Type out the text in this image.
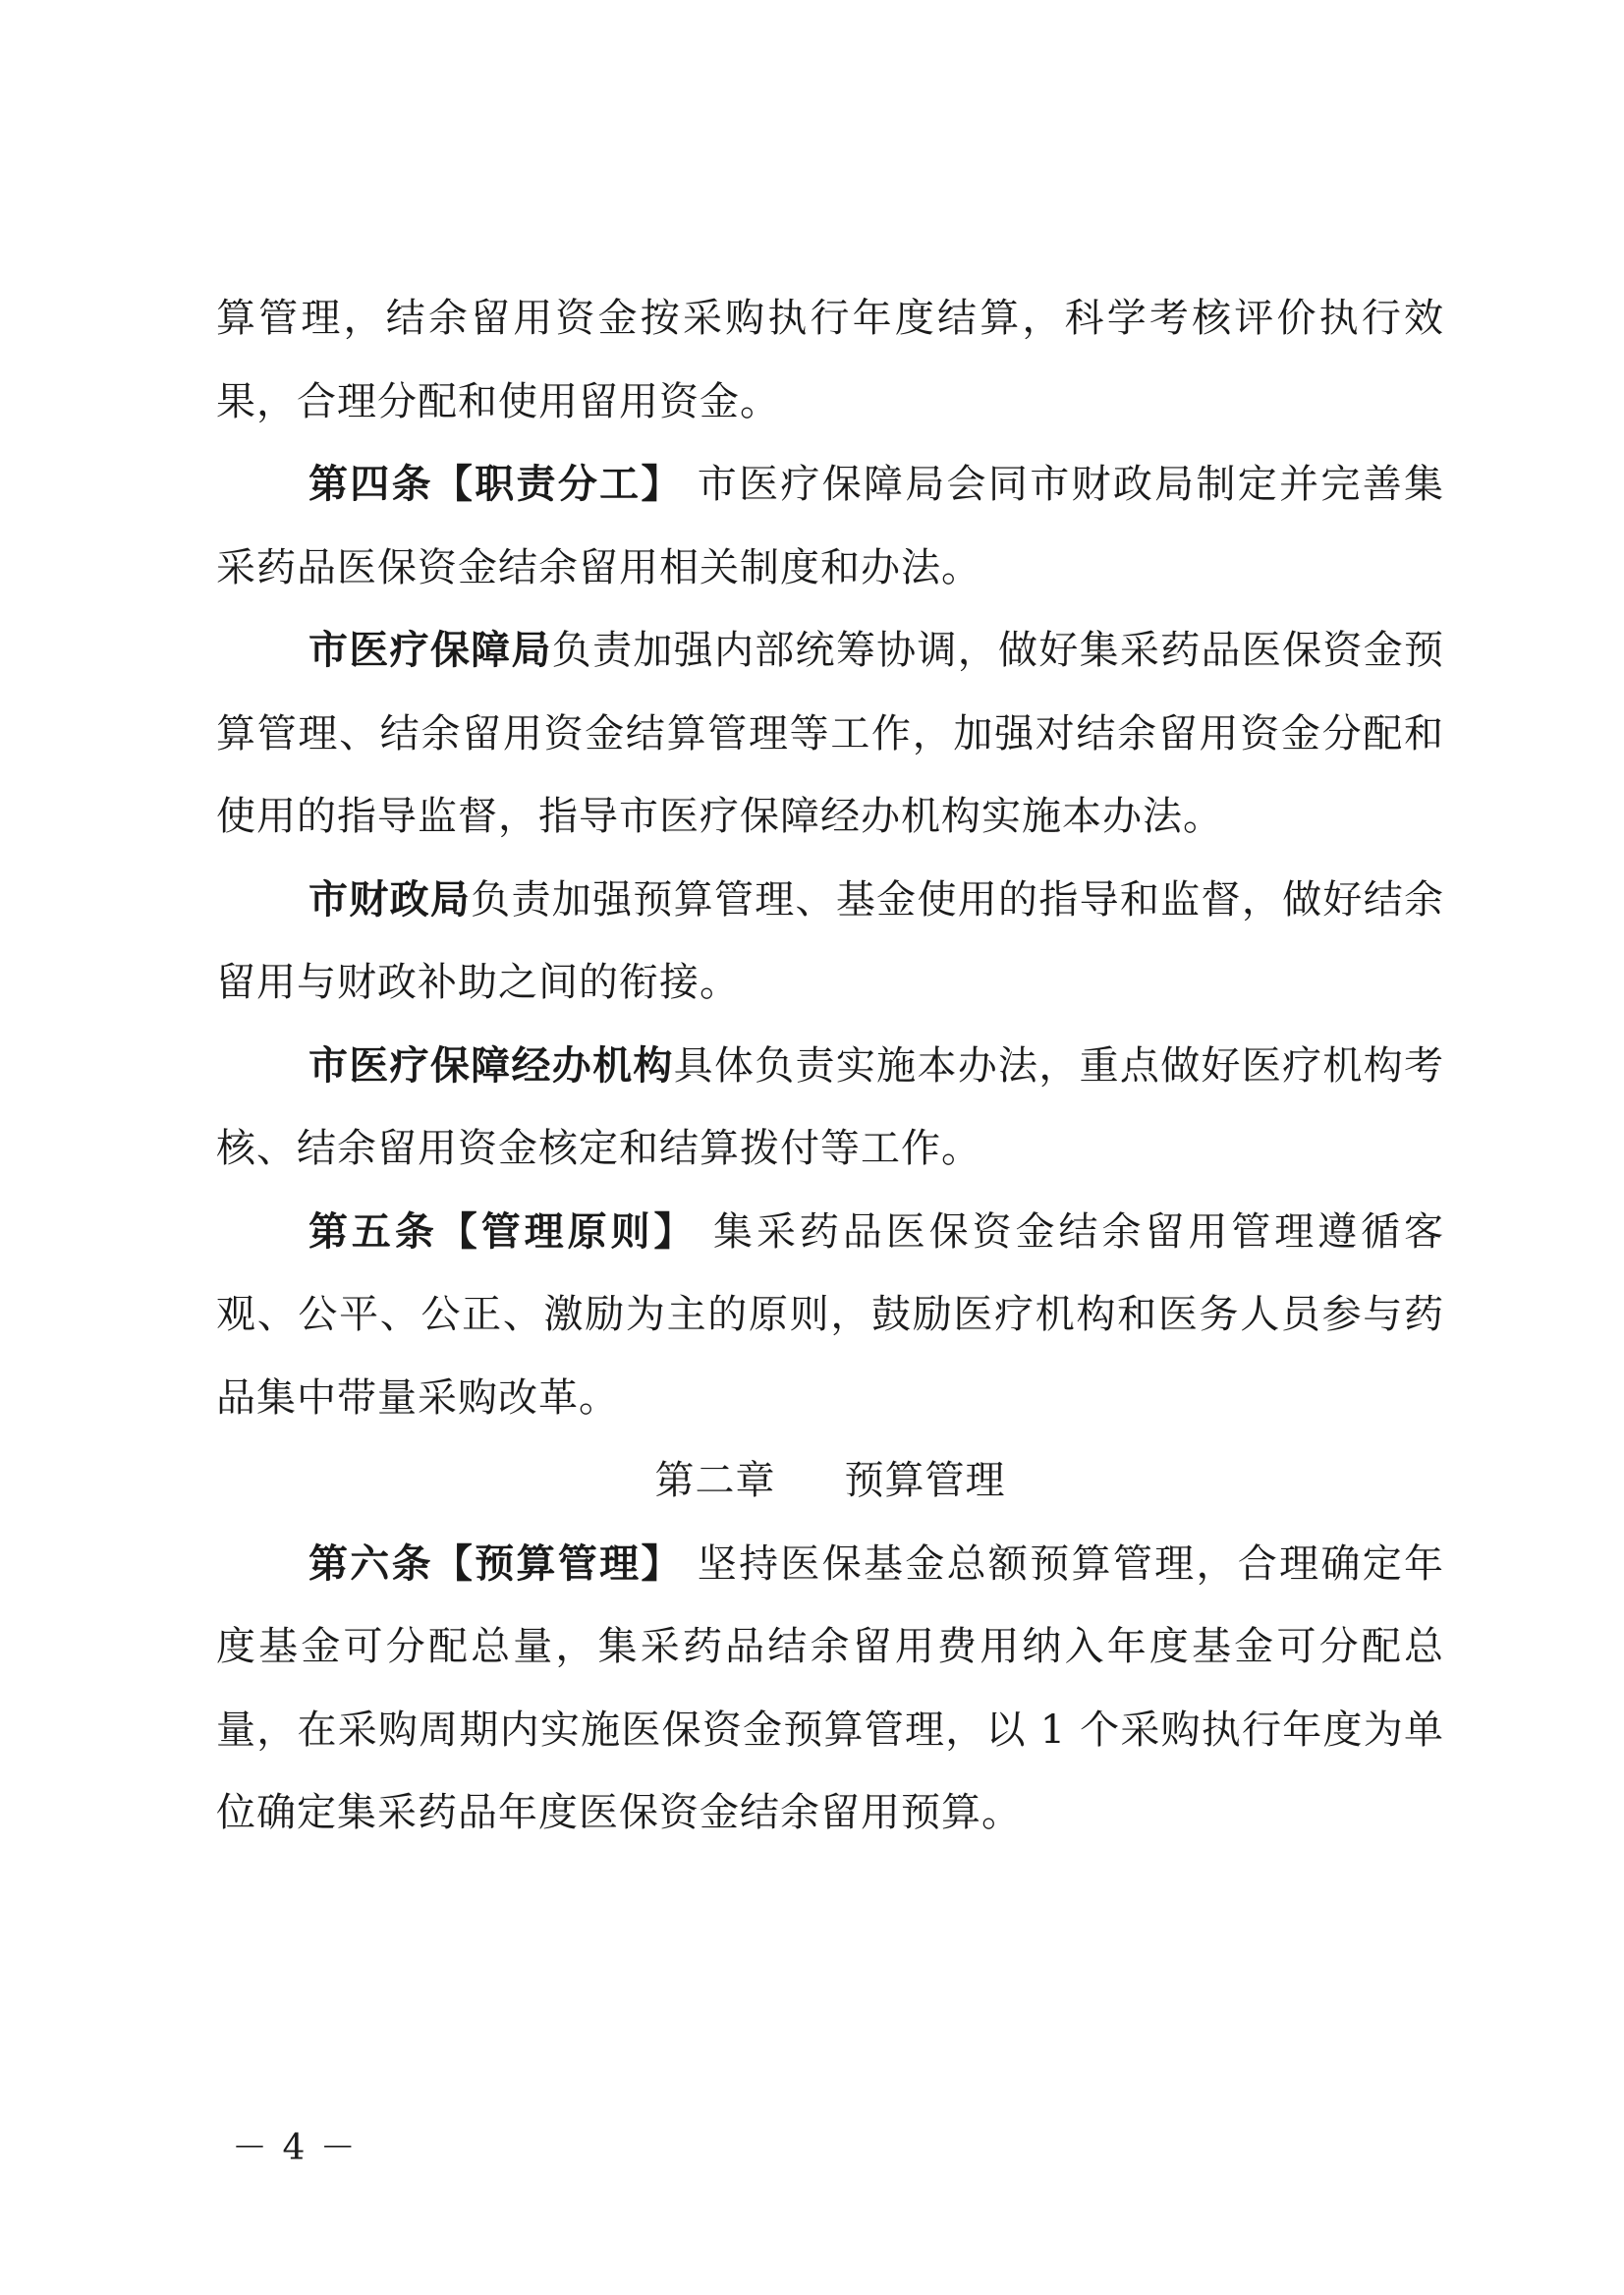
算管理，结余留用资金按采购执行年度结算，科学考核评价执行效果，合理分配和使用留用资金。

第四条【职责分工】 市医疗保障局会同市财政局制定并完善集采药品医保资金结余留用相关制度和办法。

市医疗保障局负责加强内部统筹协调，做好集采药品医保资金预算管理、结余留用资金结算管理等工作，加强对结余留用资金分配和使用的指导监督，指导市医疗保障经办机构实施本办法。

市财政局负责加强预算管理、基金使用的指导和监督，做好结余留用与财政补助之间的衔接。

市医疗保障经办机构具体负责实施本办法，重点做好医疗机构考核、结余留用资金核定和结算拨付等工作。

第五条【管理原则】 集采药品医保资金结余留用管理遵循客观、公平、公正、激励为主的原则，鼓励医疗机构和医务人员参与药品集中带量采购改革。

第二章 预算管理

第六条【预算管理】 坚持医保基金总额预算管理，合理确定年度基金可分配总量，集采药品结余留用费用纳入年度基金可分配总量，在采购周期内实施医保资金预算管理，以 1 个采购执行年度为单位确定集采药品年度医保资金结余留用预算。

－ 4 －
